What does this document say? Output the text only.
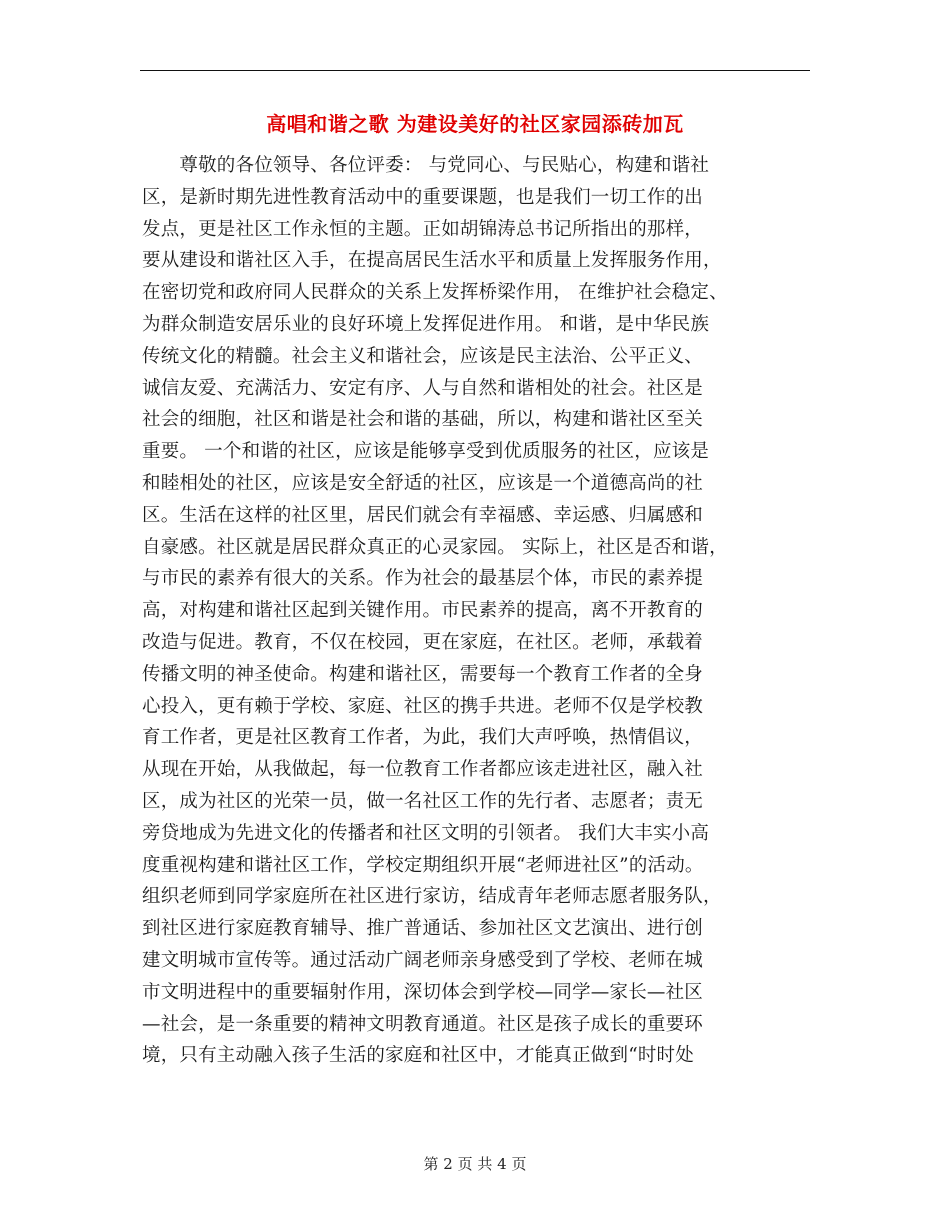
高唱和谐之歌 为建设美好的社区家园添砖加瓦
　　尊敬的各位领导、各位评委： 与党同心、与民贴心，构建和谐社
区，是新时期先进性教育活动中的重要课题，也是我们一切工作的出
发点，更是社区工作永恒的主题。正如胡锦涛总书记所指出的那样，
要从建设和谐社区入手，在提高居民生活水平和质量上发挥服务作用，
在密切党和政府同人民群众的关系上发挥桥梁作用， 在维护社会稳定、
为群众制造安居乐业的良好环境上发挥促进作用。 和谐，是中华民族
传统文化的精髓。社会主义和谐社会，应该是民主法治、公平正义、
诚信友爱、充满活力、安定有序、人与自然和谐相处的社会。社区是
社会的细胞，社区和谐是社会和谐的基础，所以，构建和谐社区至关
重要。 一个和谐的社区，应该是能够享受到优质服务的社区，应该是
和睦相处的社区，应该是安全舒适的社区，应该是一个道德高尚的社
区。生活在这样的社区里，居民们就会有幸福感、幸运感、归属感和
自豪感。社区就是居民群众真正的心灵家园。 实际上，社区是否和谐，
与市民的素养有很大的关系。作为社会的最基层个体，市民的素养提
高，对构建和谐社区起到关键作用。市民素养的提高，离不开教育的
改造与促进。教育，不仅在校园，更在家庭，在社区。老师，承载着
传播文明的神圣使命。构建和谐社区，需要每一个教育工作者的全身
心投入，更有赖于学校、家庭、社区的携手共进。老师不仅是学校教
育工作者，更是社区教育工作者，为此，我们大声呼唤，热情倡议，
从现在开始，从我做起，每一位教育工作者都应该走进社区，融入社
区，成为社区的光荣一员，做一名社区工作的先行者、志愿者；责无
旁贷地成为先进文化的传播者和社区文明的引领者。 我们大丰实小高
度重视构建和谐社区工作，学校定期组织开展“老师进社区”的活动。
组织老师到同学家庭所在社区进行家访，结成青年老师志愿者服务队，
到社区进行家庭教育辅导、推广普通话、参加社区文艺演出、进行创
建文明城市宣传等。通过活动广阔老师亲身感受到了学校、老师在城
市文明进程中的重要辐射作用，深切体会到学校—同学—家长—社区
—社会，是一条重要的精神文明教育通道。社区是孩子成长的重要环
境，只有主动融入孩子生活的家庭和社区中，才能真正做到“时时处
第 2 页 共 4 页
